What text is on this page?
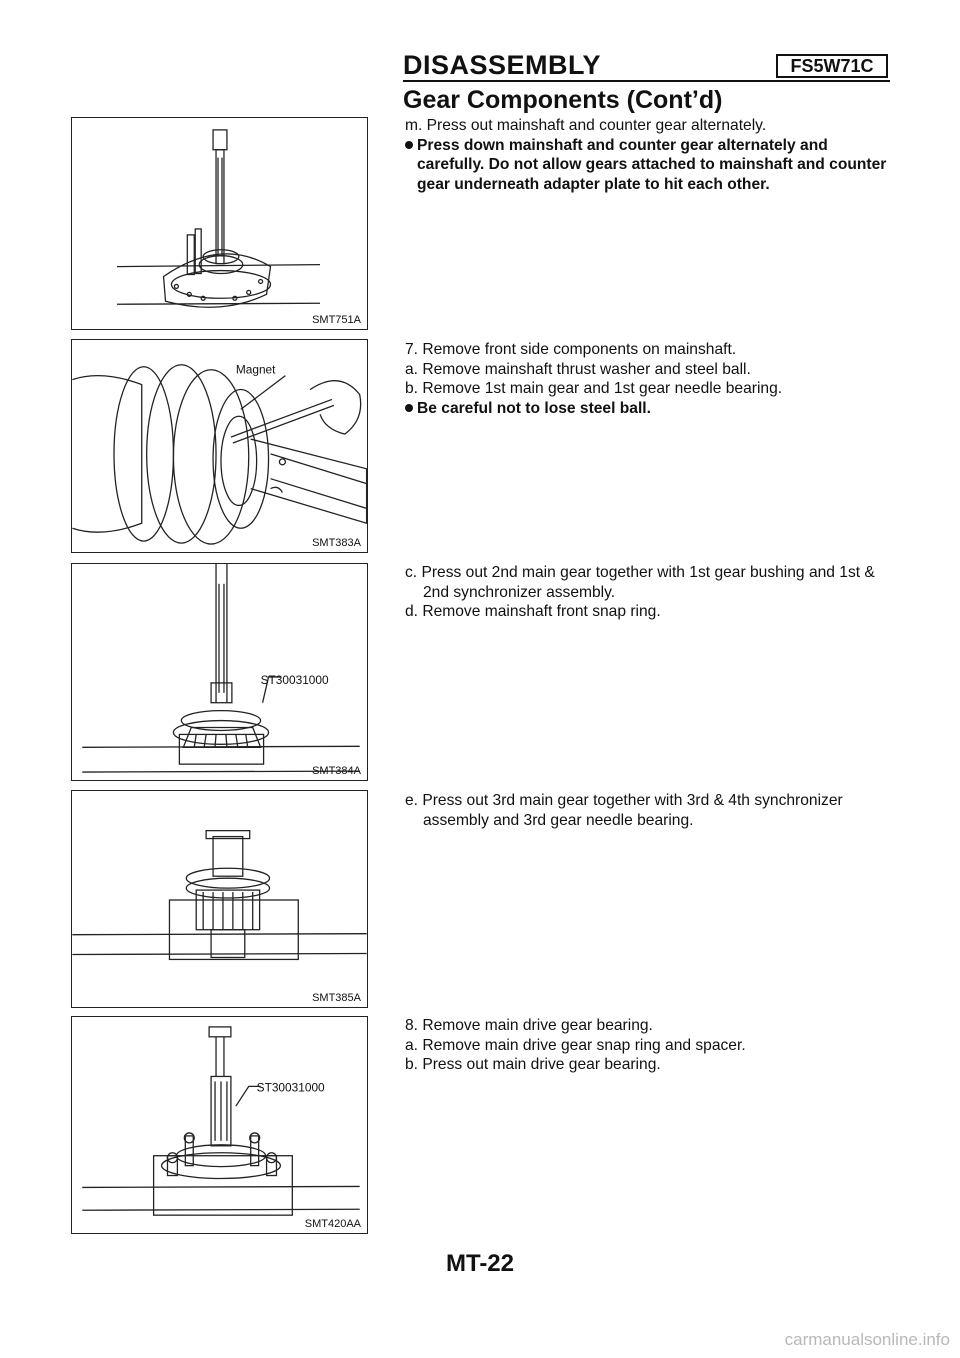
DISASSEMBLY	FS5W71C
Gear Components (Cont’d)
SMT751A
Magnet
SMT383A
ST30031000
SMT384A
SMT385A
ST30031000
SMT420AA

m. Press out mainshaft and counter gear alternately.

Press down mainshaft and counter gear alternately and carefully. Do not allow gears attached to mainshaft and counter gear underneath adapter plate to hit each other.

7. Remove front side components on mainshaft.

a. Remove mainshaft thrust washer and steel ball.

b. Remove 1st main gear and 1st gear needle bearing.

Be careful not to lose steel ball.

c. Press out 2nd main gear together with 1st gear bushing and 1st & 2nd synchronizer assembly.

d. Remove mainshaft front snap ring.

e. Press out 3rd main gear together with 3rd & 4th synchronizer assembly and 3rd gear needle bearing.

8. Remove main drive gear bearing.

a. Remove main drive gear snap ring and spacer.

b. Press out main drive gear bearing.

MT-22
carmanualsonline.info
